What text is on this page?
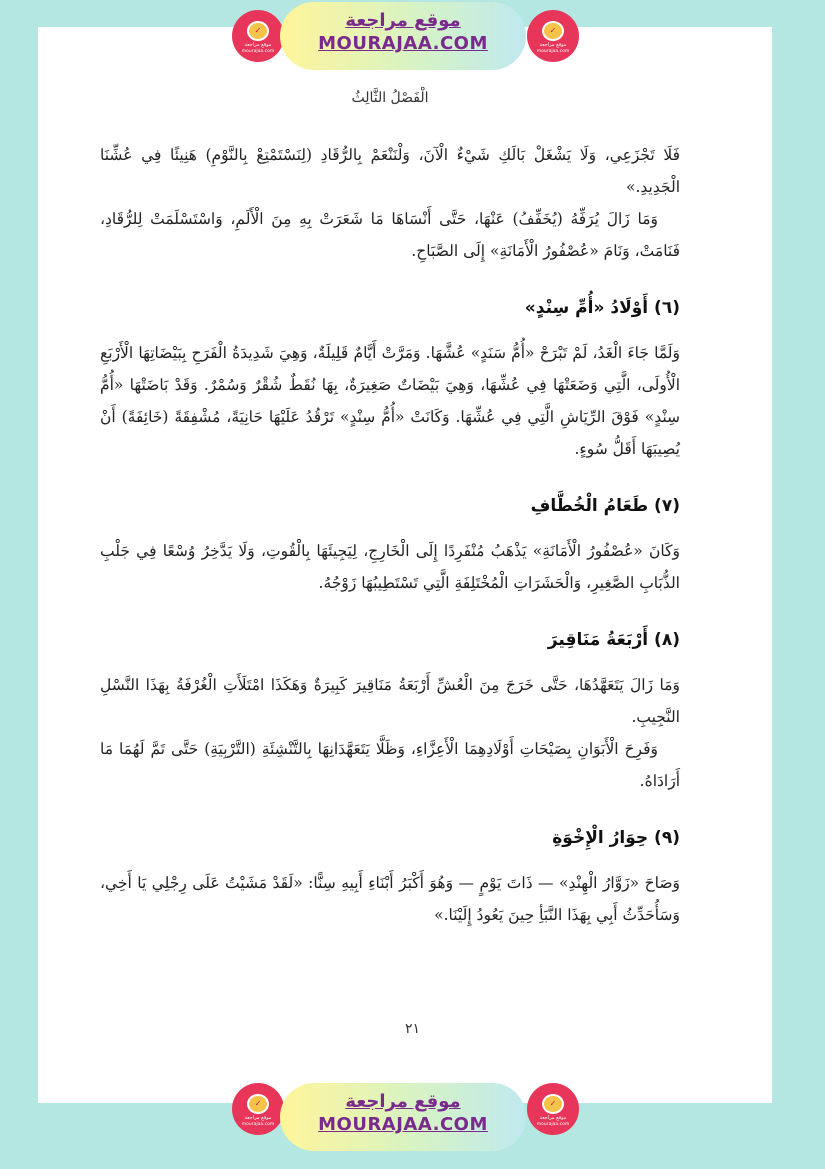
✓
موقع مراجعة
mourajaa.com
موقع مراجعة
MOURAJAA.COM
✓
موقع مراجعة
mourajaa.com
الْفَصْلُ الثَّالِثُ

فَلَا تَجْزَعِي، وَلَا يَشْغَلْ بَالَكِ شَيْءٌ الْآنَ، وَلْنَنْعَمْ بِالرُّقَادِ (لِنَسْتَمْتِعْ بِالنَّوْمِ) هَنِيئًا فِي عُشِّنَا الْجَدِيدِ.»

وَمَا زَالَ يُرَفِّهُ (يُخَفِّفُ) عَنْهَا، حَتَّى أَنْسَاهَا مَا شَعَرَتْ بِهِ مِنَ الْأَلَمِ، وَاسْتَسْلَمَتْ لِلرُّقَادِ، فَنَامَتْ، وَنَامَ «عُصْفُورُ الْأَمَانَةِ» إِلَى الصَّبَاحِ.

(٦) أَوْلَادُ «أُمِّ سِنْدٍ»

وَلَمَّا جَاءَ الْغَدُ، لَمْ تَبْرَحْ «أُمُّ سَنَدٍ» عُشَّهَا. وَمَرَّتْ أَيَّامٌ قَلِيلَةٌ، وَهِيَ شَدِيدَةُ الْفَرَحِ بِبَيْضَاتِهَا الْأَرْبَعِ الْأُولَى، الَّتِي وَضَعَتْهَا فِي عُشِّهَا، وَهِيَ بَيْضَاتٌ صَغِيرَةٌ، بِهَا نُقَطٌ شُقْرٌ وَسُمْرٌ. وَقَدْ بَاضَتْهَا «أُمُّ سِنْدٍ» فَوْقَ الرِّيَاشِ الَّتِي فِي عُشِّهَا. وَكَانَتْ «أُمُّ سِنْدٍ» تَرْقُدُ عَلَيْهَا حَانِيَةً، مُشْفِقَةً (خَائِفَةً) أَنْ يُصِيبَهَا أَقَلُّ سُوءٍ.

(٧) طَعَامُ الْخُطَّافِ

وَكَانَ «عُصْفُورُ الْأَمَانَةِ» يَذْهَبُ مُنْفَرِدًا إِلَى الْخَارِجِ، لِيَجِيئَهَا بِالْقُوتِ، وَلَا يَدَّخِرُ وُسْعًا فِي جَلْبِ الذُّبَابِ الصَّغِيرِ، وَالْحَشَرَاتِ الْمُخْتَلِفَةِ الَّتِي تَسْتَطِيبُهَا زَوْجُهُ.

(٨) أَرْبَعَةُ مَنَاقِيرَ

وَمَا زَالَ يَتَعَهَّدُهَا، حَتَّى خَرَجَ مِنَ الْعُشِّ أَرْبَعَةُ مَنَاقِيرَ كَبِيرَةٌ وَهَكَذَا امْتَلَأَتِ الْغُرْفَةُ بِهَذَا النَّسْلِ النَّجِيبِ.

وَفَرِحَ الْأَبَوَانِ بِصَيْحَاتِ أَوْلَادِهِمَا الْأَعِزَّاءِ، وَظَلَّا يَتَعَهَّدَانِهَا بِالتَّنْشِئَةِ (التَّرْبِيَةِ) حَتَّى تَمَّ لَهُمَا مَا أَرَادَاهُ.

(٩) حِوَارُ الْإِخْوَةِ

وَصَاحَ «زَوَّارُ الْهِنْدِ» — ذَاتَ يَوْمٍ — وَهُوَ أَكْبَرُ أَبْنَاءِ أَبِيهِ سِنًّا: «لَقَدْ مَشَيْتُ عَلَى رِجْلِي يَا أَخِي، وَسَأُحَدِّثُ أَبِي بِهَذَا النَّبَأِ حِينَ يَعُودُ إِلَيْنَا.»

٢١
✓
موقع مراجعة
mourajaa.com
موقع مراجعة
MOURAJAA.COM
✓
موقع مراجعة
mourajaa.com
